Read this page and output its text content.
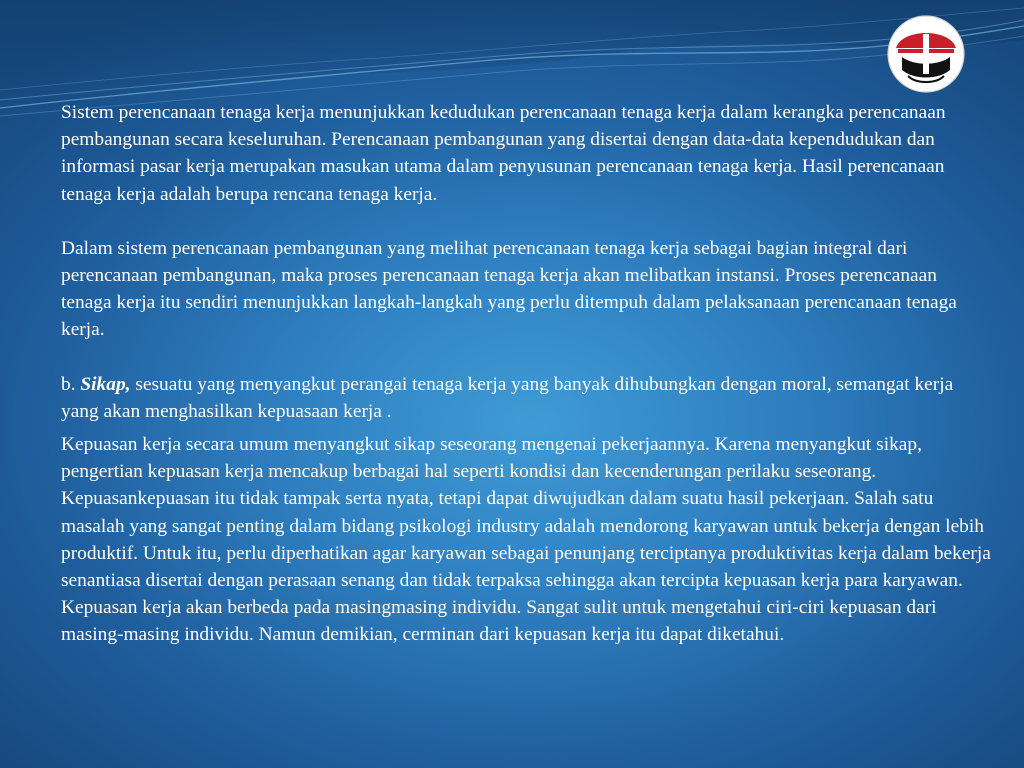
Sistem perencanaan tenaga kerja menunjukkan kedudukan perencanaan tenaga kerja dalam kerangka perencanaan pembangunan secara keseluruhan. Perencanaan pembangunan yang disertai dengan data-data kependudukan dan informasi pasar kerja merupakan masukan utama dalam penyusunan perencanaan tenaga kerja. Hasil perencanaan tenaga kerja adalah berupa rencana tenaga kerja.

Dalam sistem perencanaan pembangunan yang melihat perencanaan tenaga kerja sebagai bagian integral dari perencanaan pembangunan, maka proses perencanaan tenaga kerja akan melibatkan instansi. Proses perencanaan tenaga kerja itu sendiri menunjukkan langkah-langkah yang perlu ditempuh dalam pelaksanaan perencanaan tenaga kerja.

b. Sikap, sesuatu yang menyangkut perangai tenaga kerja yang banyak dihubungkan dengan moral, semangat kerja yang akan menghasilkan kepuasaan kerja .

Kepuasan kerja secara umum menyangkut sikap seseorang mengenai pekerjaannya. Karena menyangkut sikap, pengertian kepuasan kerja mencakup berbagai hal seperti kondisi dan kecenderungan perilaku seseorang. Kepuasankepuasan itu tidak tampak serta nyata, tetapi dapat diwujudkan dalam suatu hasil pekerjaan. Salah satu masalah yang sangat penting dalam bidang psikologi industry adalah mendorong karyawan untuk bekerja dengan lebih produktif. Untuk itu, perlu diperhatikan agar karyawan sebagai penunjang terciptanya produktivitas kerja dalam bekerja senantiasa disertai dengan perasaan senang dan tidak terpaksa sehingga akan tercipta kepuasan kerja para karyawan. Kepuasan kerja akan berbeda pada masingmasing individu. Sangat sulit untuk mengetahui ciri-ciri kepuasan dari masing-masing individu. Namun demikian, cerminan dari kepuasan kerja itu dapat diketahui.
